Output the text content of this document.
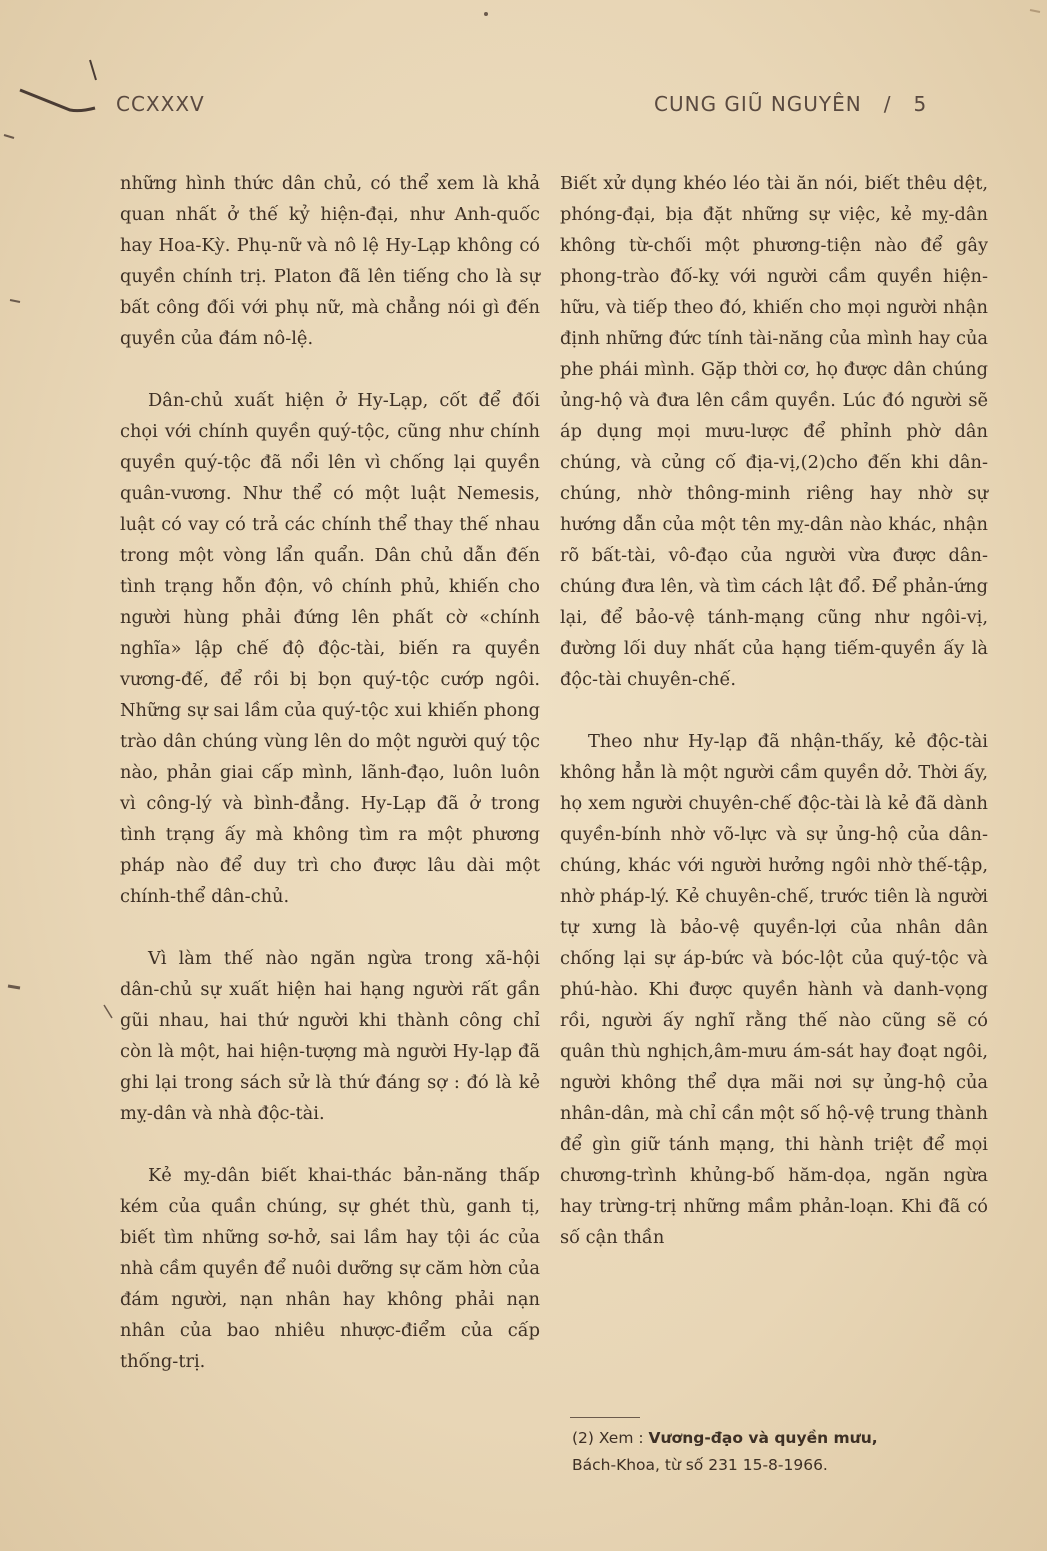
CCXXXV	CUNG GIŨ NGUYÊN / 5

những hình thức dân chủ, có thể xem là khả quan nhất ở thế kỷ hiện-đại, như Anh-quốc hay Hoa-Kỳ. Phụ-nữ và nô lệ Hy-Lạp không có quyền chính trị. Platon đã lên tiếng cho là sự bất công đối với phụ nữ, mà chẳng nói gì đến quyền của đám nô-lệ.

Dân-chủ xuất hiện ở Hy-Lạp, cốt để đối chọi với chính quyền quý-tộc, cũng như chính quyền quý-tộc đã nổi lên vì chống lại quyền quân-vương. Như thể có một luật Nemesis, luật có vay có trả các chính thể thay thế nhau trong một vòng lẩn quẩn. Dân chủ dẫn đến tình trạng hỗn độn, vô chính phủ, khiến cho người hùng phải đứng lên phất cờ «chính nghĩa» lập chế độ độc-tài, biến ra quyền vương-đế, để rồi bị bọn quý-tộc cướp ngôi. Những sự sai lầm của quý-tộc xui khiến phong trào dân chúng vùng lên do một người quý tộc nào, phản giai cấp mình, lãnh-đạo, luôn luôn vì công-lý và bình-đẳng. Hy-Lạp đã ở trong tình trạng ấy mà không tìm ra một phương pháp nào để duy trì cho được lâu dài một chính-thể dân-chủ.

Vì làm thế nào ngăn ngừa trong xã-hội dân-chủ sự xuất hiện hai hạng người rất gần gũi nhau, hai thứ người khi thành công chỉ còn là một, hai hiện-tượng mà người Hy-lạp đã ghi lại trong sách sử là thứ đáng sợ : đó là kẻ mỵ-dân và nhà độc-tài.

Kẻ mỵ-dân biết khai-thác bản-năng thấp kém của quần chúng, sự ghét thù, ganh tị, biết tìm những sơ-hở, sai lầm hay tội ác của nhà cầm quyền để nuôi dưỡng sự căm hờn của đám người, nạn nhân hay không phải nạn nhân của bao nhiêu nhược-điểm của cấp thống-trị.

Biết xử dụng khéo léo tài ăn nói, biết thêu dệt, phóng-đại, bịa đặt những sự việc, kẻ mỵ-dân không từ-chối một phương-tiện nào để gây phong-trào đố-kỵ với người cầm quyền hiện-hữu, và tiếp theo đó, khiến cho mọi người nhận định những đức tính tài-năng của mình hay của phe phái mình. Gặp thời cơ, họ được dân chúng ủng-hộ và đưa lên cầm quyền. Lúc đó người sẽ áp dụng mọi mưu-lược để phỉnh phờ dân chúng, và củng cố địa-vị,(2)cho đến khi dân-chúng, nhờ thông-minh riêng hay nhờ sự hướng dẫn của một tên mỵ-dân nào khác, nhận rõ bất-tài, vô-đạo của người vừa được dân-chúng đưa lên, và tìm cách lật đổ. Để phản-ứng lại, để bảo-vệ tánh-mạng cũng như ngôi-vị, đường lối duy nhất của hạng tiếm-quyền ấy là độc-tài chuyên-chế.

Theo như Hy-lạp đã nhận-thấy, kẻ độc-tài không hẳn là một người cầm quyền dở. Thời ấy, họ xem người chuyên-chế độc-tài là kẻ đã dành quyền-bính nhờ võ-lực và sự ủng-hộ của dân-chúng, khác với người hưởng ngôi nhờ thế-tập, nhờ pháp-lý. Kẻ chuyên-chế, trước tiên là người tự xưng là bảo-vệ quyền-lợi của nhân dân chống lại sự áp-bức và bóc-lột của quý-tộc và phú-hào. Khi được quyền hành và danh-vọng rồi, người ấy nghĩ rằng thế nào cũng sẽ có quân thù nghịch,âm-mưu ám-sát hay đoạt ngôi, người không thể dựa mãi nơi sự ủng-hộ của nhân-dân, mà chỉ cần một số hộ-vệ trung thành để gìn giữ tánh mạng, thi hành triệt để mọi chương-trình khủng-bố hăm-dọa, ngăn ngừa hay trừng-trị những mầm phản-loạn. Khi đã có số cận thần

(2) Xem : Vương-đạo và quyền mưu,
Bách-Khoa, từ số 231 15-8-1966.
